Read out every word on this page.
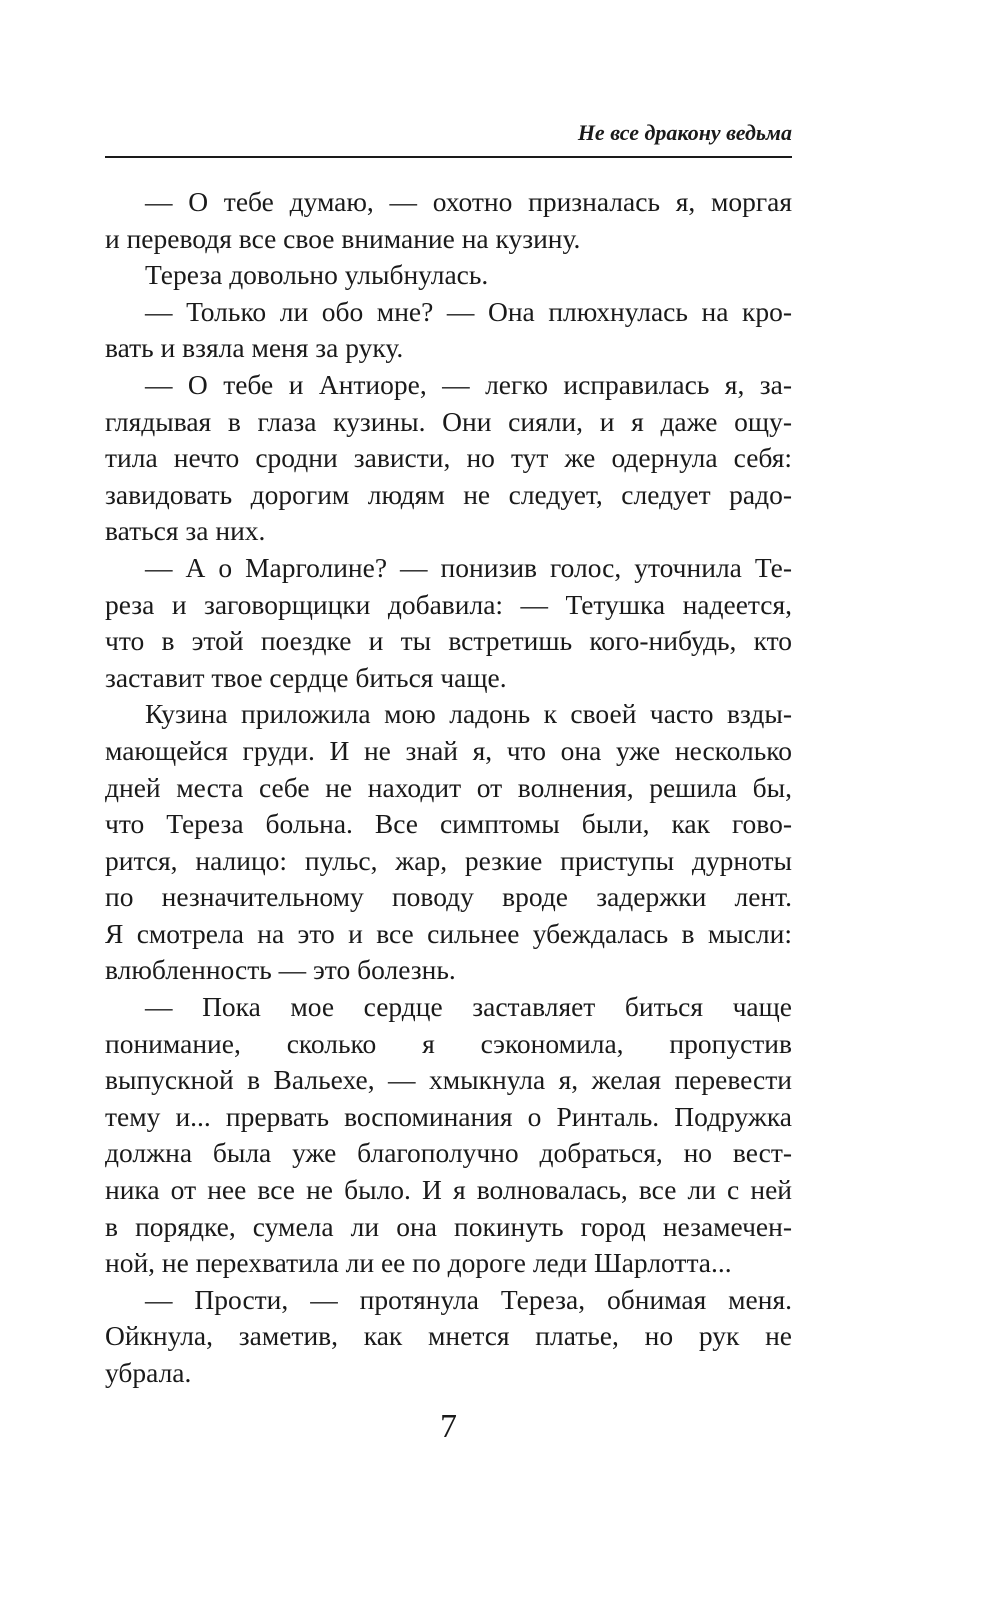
Не все дракону ведьма
— О тебе думаю, — охотно призналась я, моргая
и переводя все свое внимание на кузину.
Тереза довольно улыбнулась.
— Только ли обо мне? — Она плюхнулась на кро-
вать и взяла меня за руку.
— О тебе и Антиоре, — легко исправилась я, за-
глядывая в глаза кузины. Они сияли, и я даже ощу-
тила нечто сродни зависти, но тут же одернула себя:
завидовать дорогим людям не следует, следует радо-
ваться за них.
— А о Марголине? — понизив голос, уточнила Те-
реза и заговорщицки добавила: — Тетушка надеется,
что в этой поездке и ты встретишь кого-нибудь, кто
заставит твое сердце биться чаще.
Кузина приложила мою ладонь к своей часто взды-
мающейся груди. И не знай я, что она уже несколько
дней места себе не находит от волнения, решила бы,
что Тереза больна. Все симптомы были, как гово-
рится, налицо: пульс, жар, резкие приступы дурноты
по незначительному поводу вроде задержки лент.
Я смотрела на это и все сильнее убеждалась в мысли:
влюбленность — это болезнь.
— Пока мое сердце заставляет биться чаще
понимание, сколько я сэкономила, пропустив
выпускной в Вальехе, — хмыкнула я, желая перевести
тему и... прервать воспоминания о Ринталь. Подружка
должна была уже благополучно добраться, но вест-
ника от нее все не было. И я волновалась, все ли с ней
в порядке, сумела ли она покинуть город незамечен-
ной, не перехватила ли ее по дороге леди Шарлотта...
— Прости, — протянула Тереза, обнимая меня.
Ойкнула, заметив, как мнется платье, но рук не
убрала.
7
